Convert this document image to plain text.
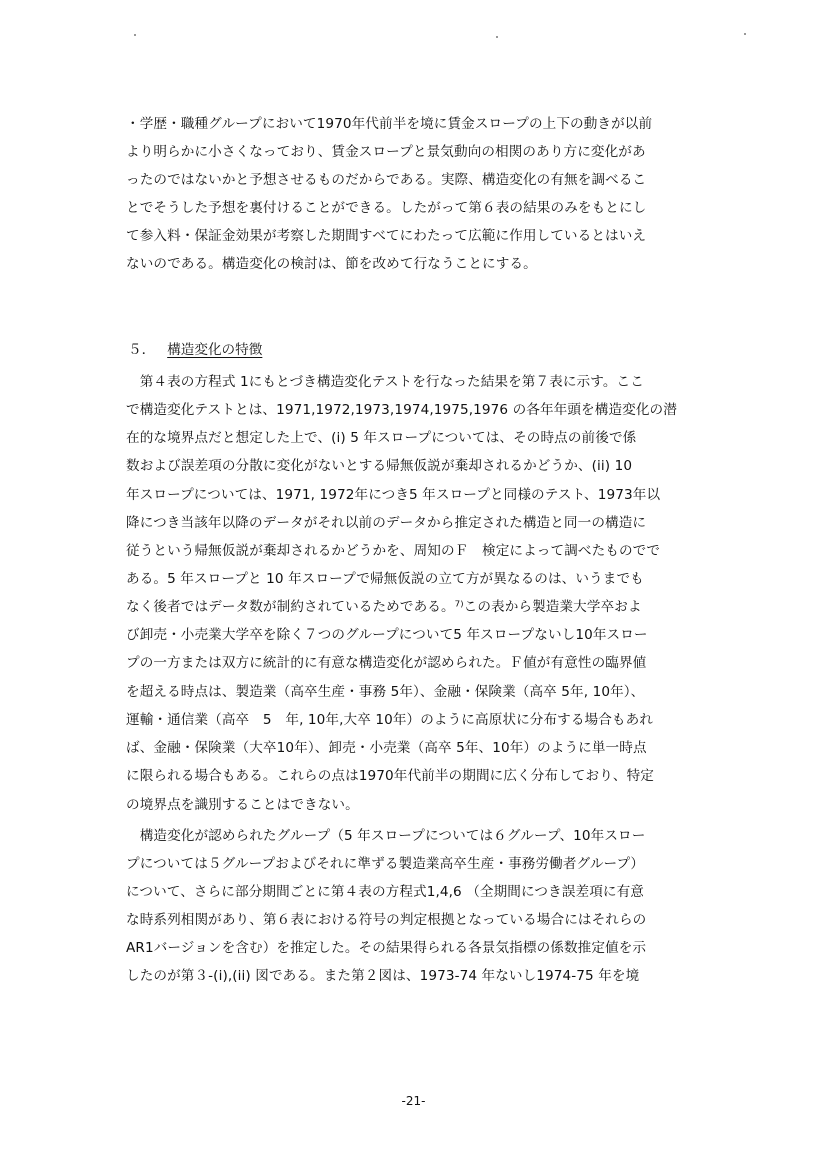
・学歴・職種グループにおいて1970年代前半を境に賃金スロープの上下の動きが以前
より明らかに小さくなっており、賃金スロープと景気動向の相関のあり方に変化があ
ったのではないかと予想させるものだからである。実際、構造変化の有無を調べるこ
とでそうした予想を裏付けることができる。したがって第６表の結果のみをもとにし
て参入料・保証金効果が考察した期間すべてにわたって広範に作用しているとはいえ
ないのである。構造変化の検討は、節を改めて行なうことにする。
５． 構造変化の特徴
　第４表の方程式 1にもとづき構造変化テストを行なった結果を第７表に示す。ここ
で構造変化テストとは、1971,1972,1973,1974,1975,1976 の各年年頭を構造変化の潜
在的な境界点だと想定した上で、(i) 5 年スロープについては、その時点の前後で係
数および誤差項の分散に変化がないとする帰無仮説が棄却されるかどうか、(ii) 10
年スロープについては、1971, 1972年につき5 年スロープと同様のテスト、1973年以
降につき当該年以降のデータがそれ以前のデータから推定された構造と同一の構造に
従うという帰無仮説が棄却されるかどうかを、周知のＦ　検定によって調べたものでで
ある。5 年スロープと 10 年スロープで帰無仮説の立て方が異なるのは、いうまでも
なく後者ではデータ数が制約されているためである。⁷⁾この表から製造業大学卒およ
び卸売・小売業大学卒を除く７つのグループについて5 年スロープないし10年スロー
プの一方または双方に統計的に有意な構造変化が認められた。Ｆ値が有意性の臨界値
を超える時点は、製造業（高卒生産・事務 5年）、金融・保険業（高卒 5年, 10年）、
運輸・通信業（高卒　5　年, 10年,大卒 10年）のように高原状に分布する場合もあれ
ば、金融・保険業（大卒10年）、卸売・小売業（高卒 5年、10年）のように単一時点
に限られる場合もある。これらの点は1970年代前半の期間に広く分布しており、特定
の境界点を識別することはできない。
　構造変化が認められたグループ（5 年スロープについては６グループ、10年スロー
プについては５グループおよびそれに準ずる製造業高卒生産・事務労働者グループ）
について、さらに部分期間ごとに第４表の方程式1,4,6 （全期間につき誤差項に有意
な時系列相関があり、第６表における符号の判定根拠となっている場合にはそれらの
AR1バージョンを含む）を推定した。その結果得られる各景気指標の係数推定値を示
したのが第３-(i),(ii) 図である。また第２図は、1973-74 年ないし1974-75 年を境
-21-
